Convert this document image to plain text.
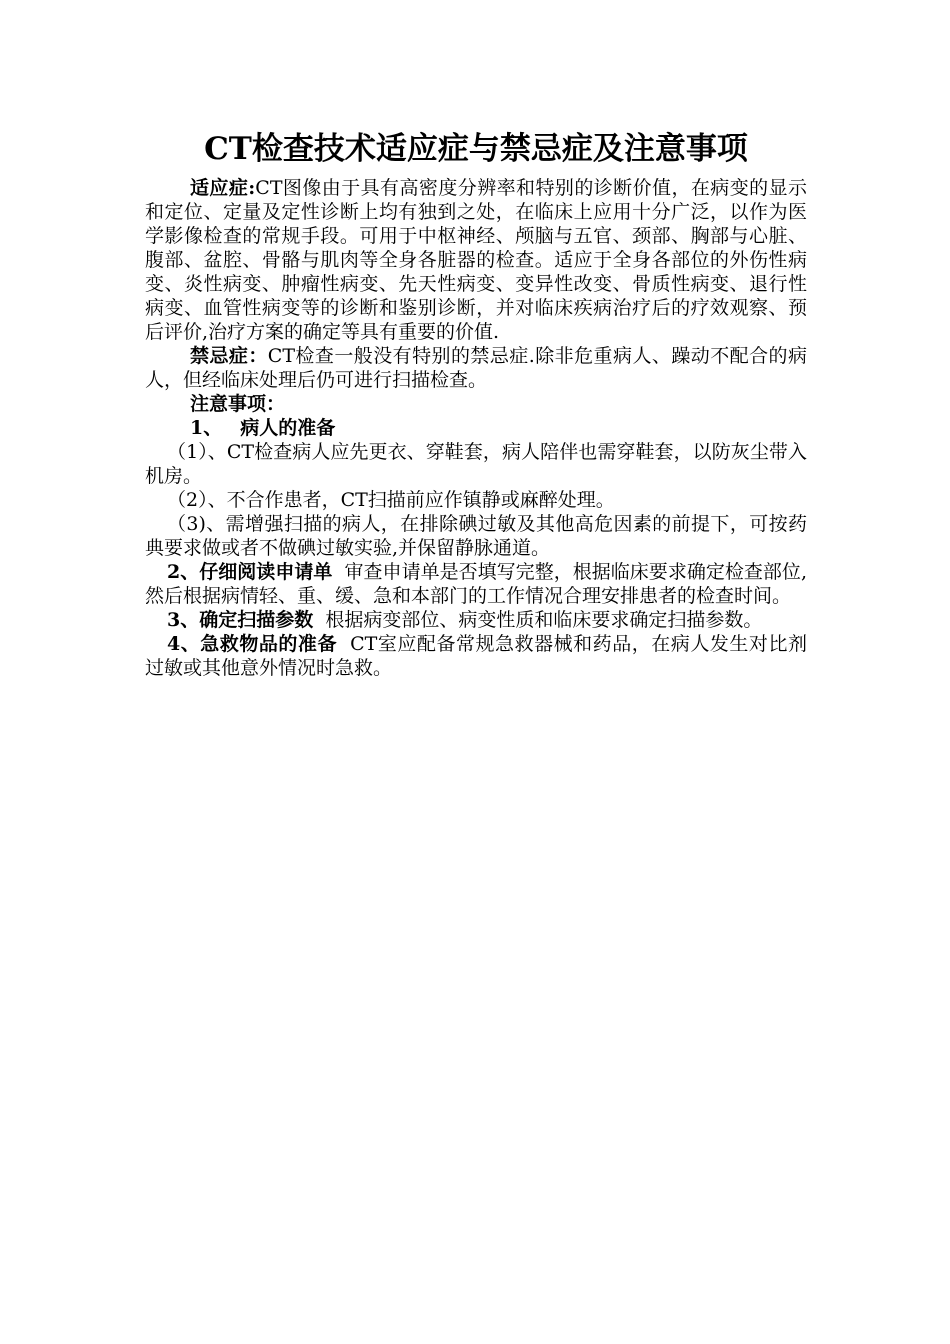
CT检查技术适应症与禁忌症及注意事项

适应症:CT图像由于具有高密度分辨率和特别的诊断价值，在病变的显示和定位、定量及定性诊断上均有独到之处，在临床上应用十分广泛，以作为医学影像检查的常规手段。可用于中枢神经、颅脑与五官、颈部、胸部与心脏、腹部、盆腔、骨骼与肌肉等全身各脏器的检查。适应于全身各部位的外伤性病变、炎性病变、肿瘤性病变、先天性病变、变异性改变、骨质性病变、退行性病变、血管性病变等的诊断和鉴别诊断，并对临床疾病治疗后的疗效观察、预后评价,治疗方案的确定等具有重要的价值.

禁忌症：CT检查一般没有特别的禁忌症.除非危重病人、躁动不配合的病人，但经临床处理后仍可进行扫描检查。

注意事项：

1、 病人的准备

（1）、CT检查病人应先更衣、穿鞋套，病人陪伴也需穿鞋套，以防灰尘带入机房。

（2）、不合作患者，CT扫描前应作镇静或麻醉处理。

（3)、需增强扫描的病人，在排除碘过敏及其他高危因素的前提下，可按药典要求做或者不做碘过敏实验,并保留静脉通道。

2、仔细阅读申请单 审查申请单是否填写完整，根据临床要求确定检查部位,然后根据病情轻、重、缓、急和本部门的工作情况合理安排患者的检查时间。

3、确定扫描参数 根据病变部位、病变性质和临床要求确定扫描参数。

4、急救物品的准备 CT室应配备常规急救器械和药品，在病人发生对比剂过敏或其他意外情况时急救。
